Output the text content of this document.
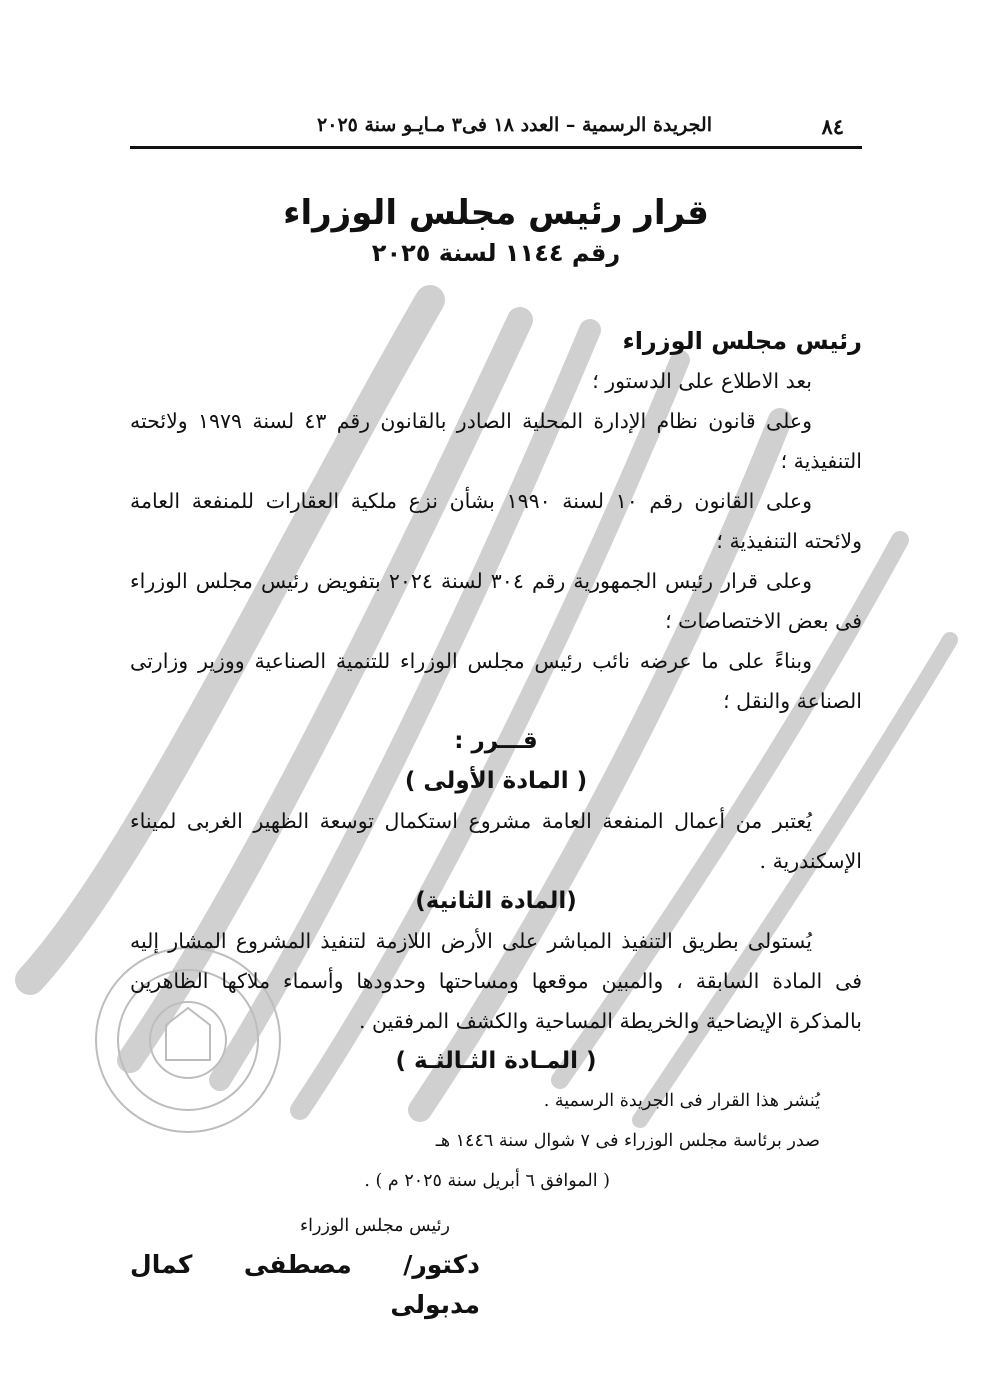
٨٤
الجريدة الرسمية – العدد ١٨ فى٣ مـايـو سنة ٢٠٢٥
قرار رئيس مجلس الوزراء
رقم ١١٤٤ لسنة ٢٠٢٥
رئيس مجلس الوزراء

بعد الاطلاع على الدستور ؛

وعلى قانون نظام الإدارة المحلية الصادر بالقانون رقم ٤٣ لسنة ١٩٧٩ ولائحته التنفيذية ؛

وعلى القانون رقم ١٠ لسنة ١٩٩٠ بشأن نزع ملكية العقارات للمنفعة العامة ولائحته التنفيذية ؛

وعلى قرار رئيس الجمهورية رقم ٣٠٤ لسنة ٢٠٢٤ بتفويض رئيس مجلس الوزراء فى بعض الاختصاصات ؛

وبناءً على ما عرضه نائب رئيس مجلس الوزراء للتنمية الصناعية ووزير وزارتى الصناعة والنقل ؛

قـــرر :
( المادة الأولى )

يُعتبر من أعمال المنفعة العامة مشروع استكمال توسعة الظهير الغربى لميناء الإسكندرية .

(المادة الثانية)

يُستولى بطريق التنفيذ المباشر على الأرض اللازمة لتنفيذ المشروع المشار إليه فى المادة السابقة ، والمبين موقعها ومساحتها وحدودها وأسماء ملاكها الظاهرين بالمذكرة الإيضاحية والخريطة المساحية والكشف المرفقين .

( المـادة الثـالثـة )
يُنشر هذا القرار فى الجريدة الرسمية .
صدر برئاسة مجلس الوزراء فى ٧ شوال سنة ١٤٤٦ هـ
( الموافق ٦ أبريل سنة ٢٠٢٥ م ) .
رئيس مجلس الوزراء
دكتور/ مصطفى كمال مدبولى
